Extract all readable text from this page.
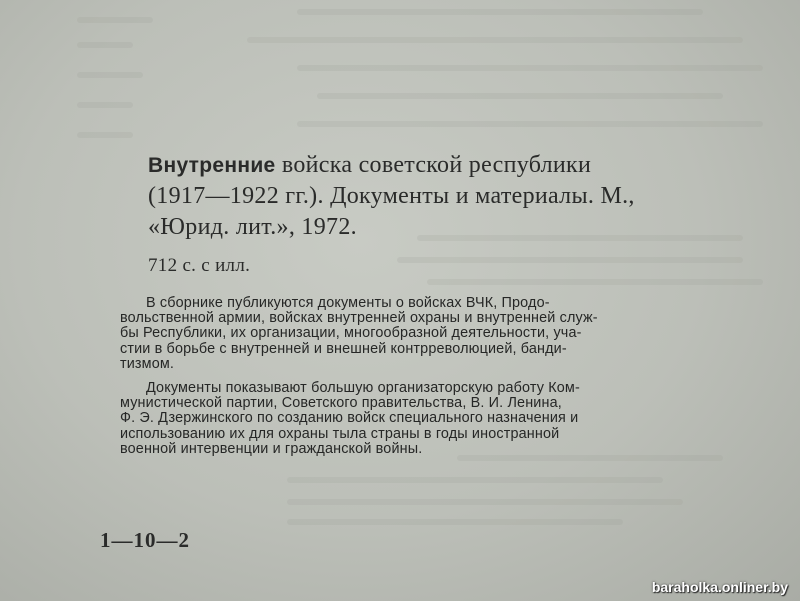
Внутренние войска советской республики
(1917—1922 гг.). Документы и материалы. М.,
«Юрид. лит.», 1972.
712 с. с илл.
В сборнике публикуются документы о войсках ВЧК, Продо-
вольственной армии, войсках внутренней охраны и внутренней служ-
бы Республики, их организации, многообразной деятельности, уча-
стии в борьбе с внутренней и внешней контрреволюцией, банди-
тизмом.
Документы показывают большую организаторскую работу Ком-
мунистической партии, Советского правительства, В. И. Ленина,
Ф. Э. Дзержинского по созданию войск специального назначения и
использованию их для охраны тыла страны в годы иностранной
военной интервенции и гражданской войны.
1—10—2
baraholka.onliner.by
